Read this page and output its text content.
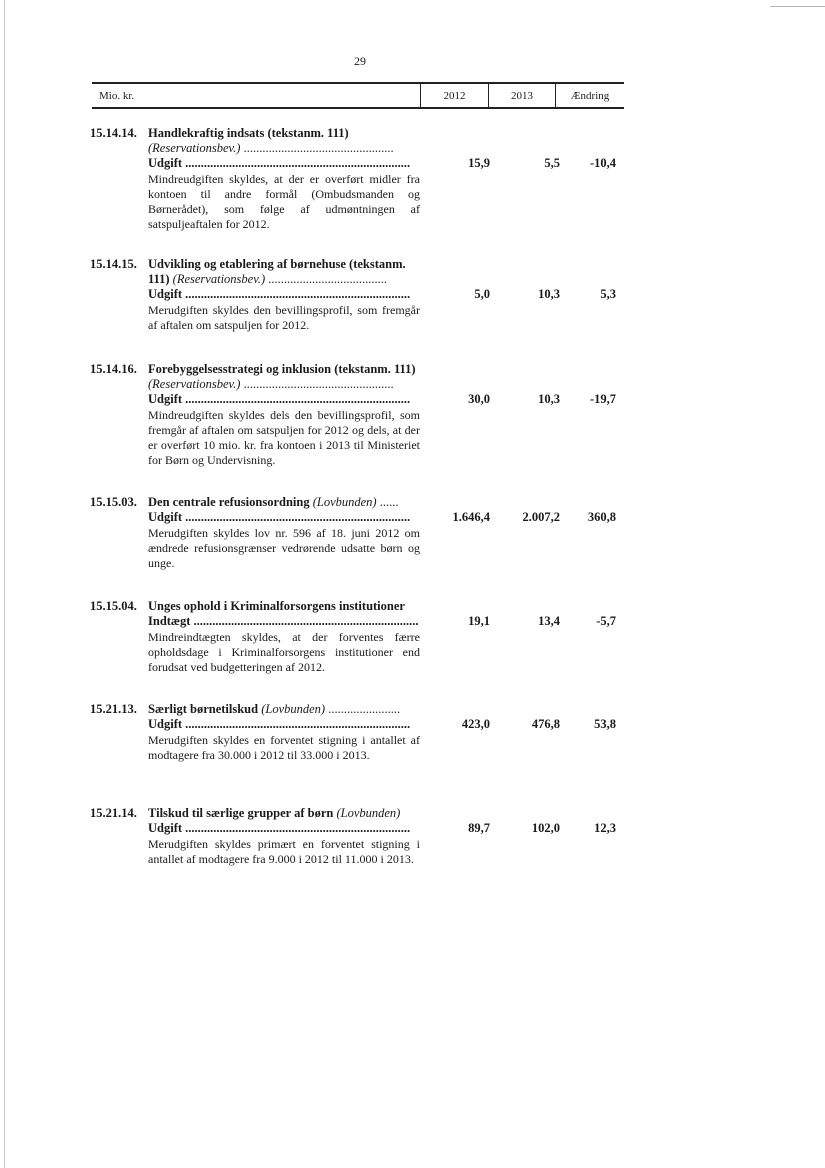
29
Mio. kr.	2012	2013	Ændring
15.14.14. Handlekraftig indsats (tekstanm. 111)
(Reservationsbev.) ................................................
Udgift ........................................................................
Mindreudgiften skyldes, at der er overført midler fra kontoen til andre formål (Ombudsmanden og Børnerådet), som følge af udmøntningen af satspuljeaftalen for 2012.
15,9	5,5	-10,4
15.14.15. Udvikling og etablering af børnehuse (tekstanm. 111) (Reservationsbev.) ......................................
Udgift ........................................................................
Merudgiften skyldes den bevillingsprofil, som fremgår af aftalen om satspuljen for 2012.
5,0	10,3	5,3
15.14.16. Forebyggelsesstrategi og inklusion (tekstanm. 111)
(Reservationsbev.) ................................................
Udgift ........................................................................
Mindreudgiften skyldes dels den bevillingsprofil, som fremgår af aftalen om satspuljen for 2012 og dels, at der er overført 10 mio. kr. fra kontoen i 2013 til Ministeriet for Børn og Undervisning.
30,0	10,3	-19,7
15.15.03. Den centrale refusionsordning (Lovbunden) ......
Udgift ........................................................................
Merudgiften skyldes lov nr. 596 af 18. juni 2012 om ændrede refusionsgrænser vedrørende udsatte børn og unge.
1.646,4	2.007,2	360,8
15.15.04. Unges ophold i Kriminalforsorgens institutioner
Indtægt ........................................................................
Mindreindtægten skyldes, at der forventes færre opholdsdage i Kriminalforsorgens institutioner end forudsat ved budgetteringen af 2012.
19,1	13,4	-5,7
15.21.13. Særligt børnetilskud (Lovbunden) .......................
Udgift ........................................................................
Merudgiften skyldes en forventet stigning i antallet af modtagere fra 30.000 i 2012 til 33.000 i 2013.
423,0	476,8	53,8
15.21.14. Tilskud til særlige grupper af børn (Lovbunden)
Udgift ........................................................................
Merudgiften skyldes primært en forventet stigning i antallet af modtagere fra 9.000 i 2012 til 11.000 i 2013.
89,7	102,0	12,3
